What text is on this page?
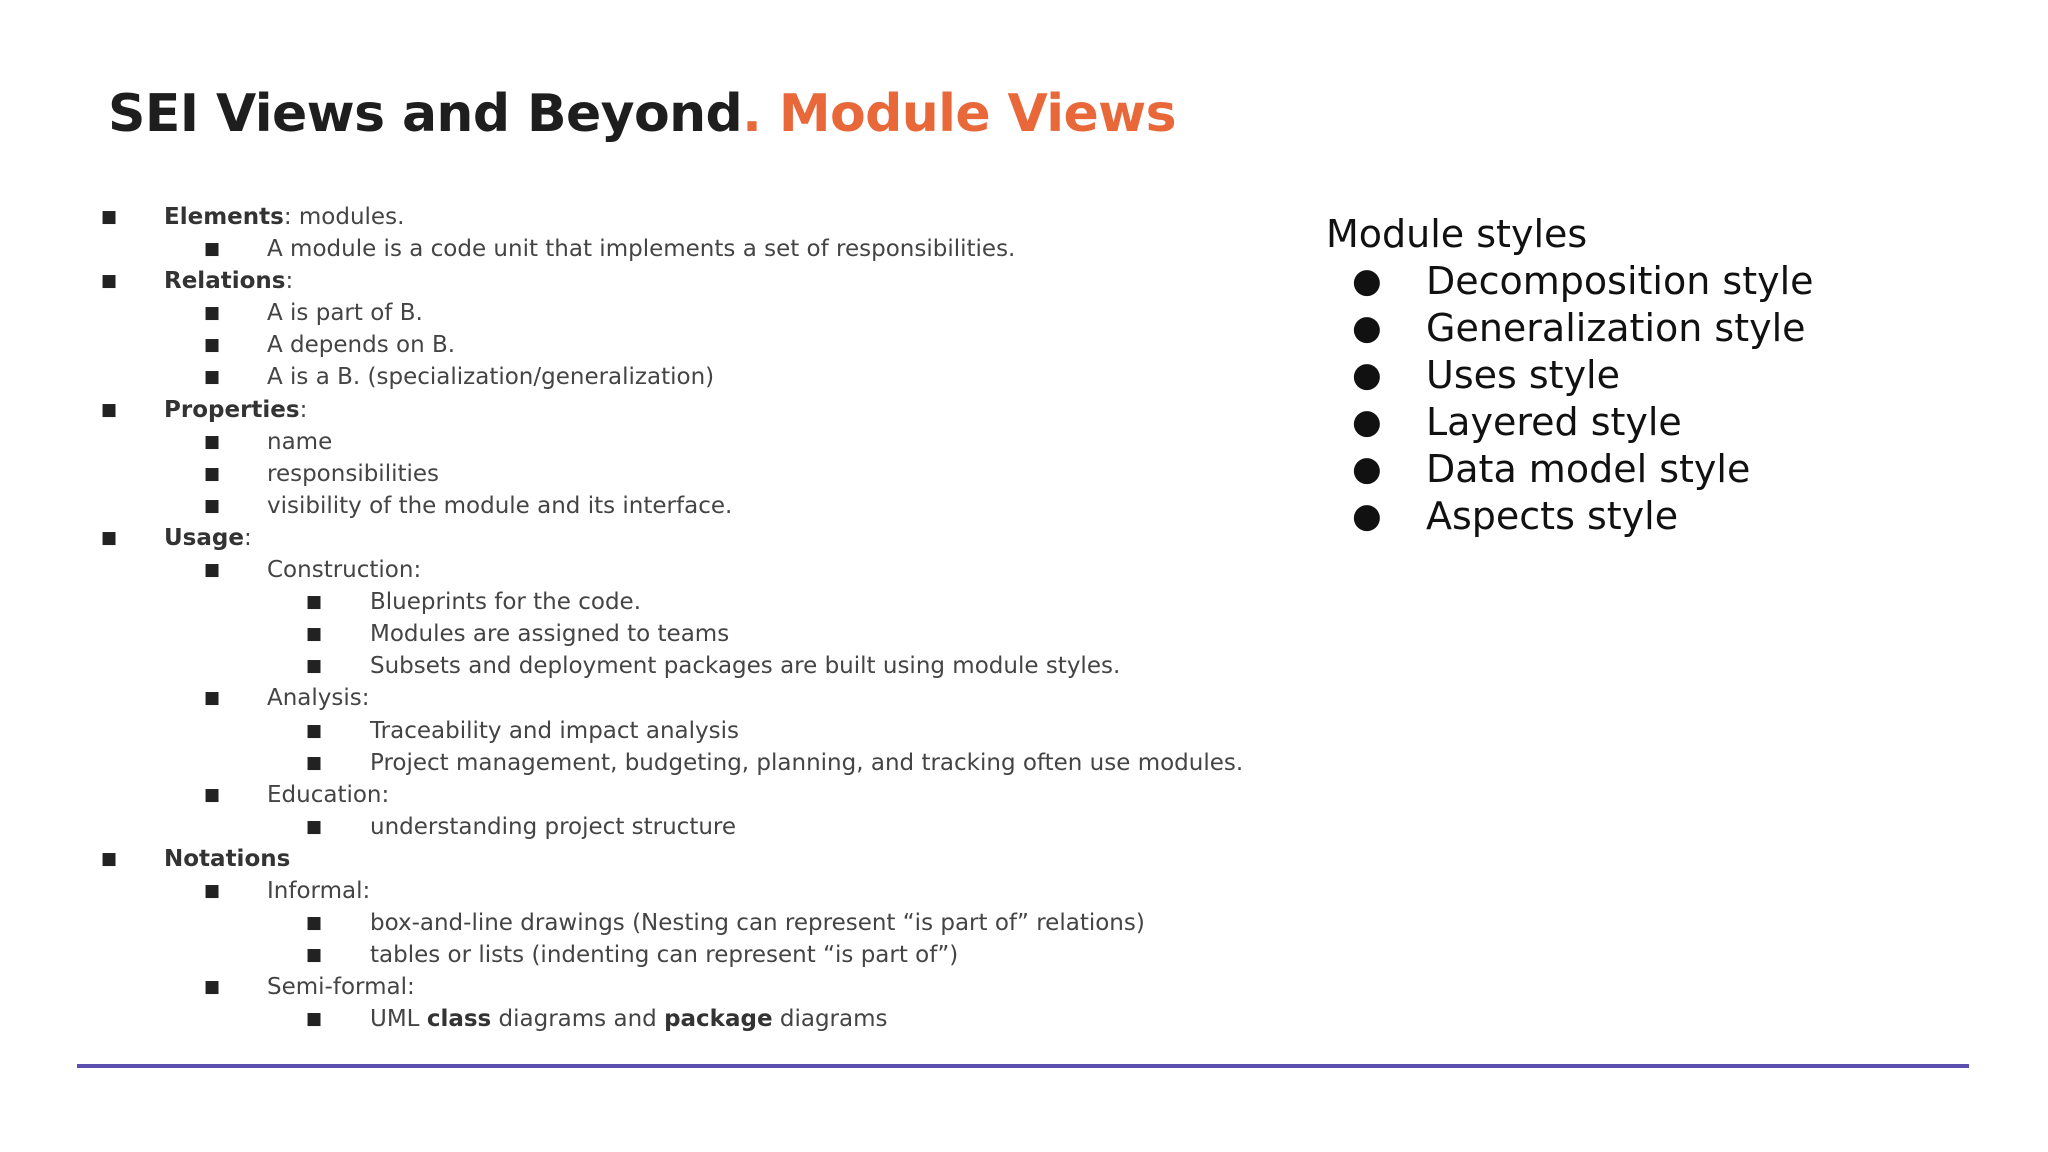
SEI Views and Beyond. Module Views
■ Elements: modules.
■ A module is a code unit that implements a set of responsibilities.
■ Relations:
■ A is part of B.
■ A depends on B.
■ A is a B. (specialization/generalization)
■ Properties:
■ name
■ responsibilities
■ visibility of the module and its interface.
■ Usage:
■ Construction:
■ Blueprints for the code.
■ Modules are assigned to teams
■ Subsets and deployment packages are built using module styles.
■ Analysis:
■ Traceability and impact analysis
■ Project management, budgeting, planning, and tracking often use modules.
■ Education:
■ understanding project structure
■ Notations
■ Informal:
■ box-and-line drawings (Nesting can represent “is part of” relations)
■ tables or lists (indenting can represent “is part of”)
■ Semi-formal:
■ UML class diagrams and package diagrams
Module styles
● Decomposition style
● Generalization style
● Uses style
● Layered style
● Data model style
● Aspects style
